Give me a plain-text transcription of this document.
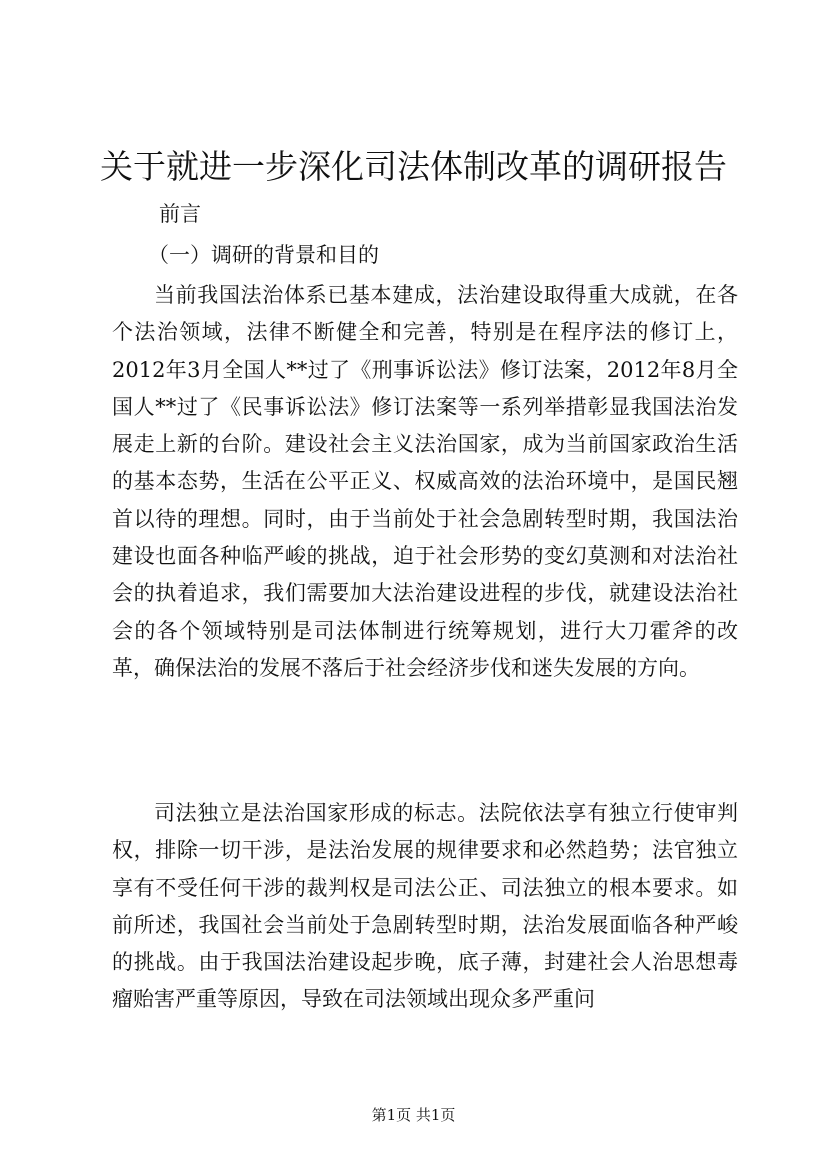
关于就进一步深化司法体制改革的调研报告

前言

（一）调研的背景和目的

当前我国法治体系已基本建成，法治建设取得重大成就，在各个法治领域，法律不断健全和完善，特别是在程序法的修订上，2012年3月全国人**过了《刑事诉讼法》修订法案，2012年8月全国人**过了《民事诉讼法》修订法案等一系列举措彰显我国法治发展走上新的台阶。建设社会主义法治国家，成为当前国家政治生活的基本态势，生活在公平正义、权威高效的法治环境中，是国民翘首以待的理想。同时，由于当前处于社会急剧转型时期，我国法治建设也面各种临严峻的挑战，迫于社会形势的变幻莫测和对法治社会的执着追求，我们需要加大法治建设进程的步伐，就建设法治社会的各个领域特别是司法体制进行统筹规划，进行大刀霍斧的改革，确保法治的发展不落后于社会经济步伐和迷失发展的方向。

司法独立是法治国家形成的标志。法院依法享有独立行使审判权，排除一切干涉，是法治发展的规律要求和必然趋势；法官独立享有不受任何干涉的裁判权是司法公正、司法独立的根本要求。如前所述，我国社会当前处于急剧转型时期，法治发展面临各种严峻的挑战。由于我国法治建设起步晚，底子薄，封建社会人治思想毒瘤贻害严重等原因，导致在司法领域出现众多严重问

第1页 共1页
